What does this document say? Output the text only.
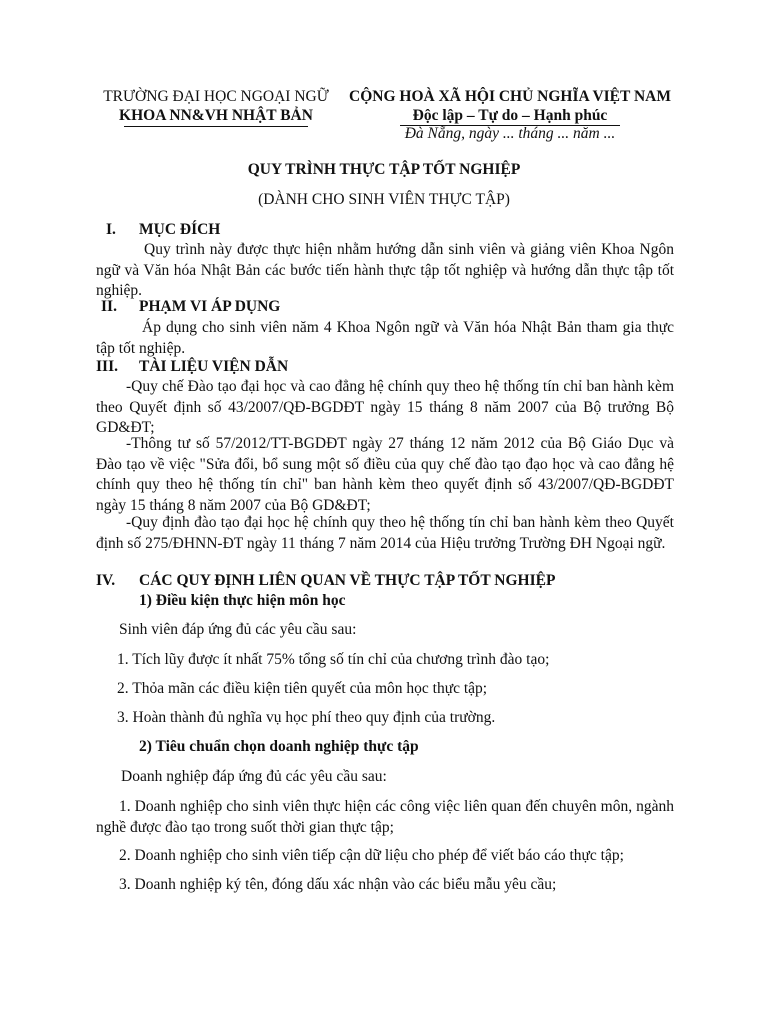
TRƯỜNG ĐẠI HỌC NGOẠI NGỮ
KHOA NN&VH NHẬT BẢN
CỘNG HOÀ XÃ HỘI CHỦ NGHĨA VIỆT NAM
Độc lập – Tự do – Hạnh phúc
Đà Nẵng, ngày ... tháng ... năm ...
QUY TRÌNH THỰC TẬP TỐT NGHIỆP
(DÀNH CHO SINH VIÊN THỰC TẬP)
I. MỤC ĐÍCH
Quy trình này được thực hiện nhằm hướng dẫn sinh viên và giảng viên Khoa Ngôn ngữ và Văn hóa Nhật Bản các bước tiến hành thực tập tốt nghiệp và hướng dẫn thực tập tốt nghiệp.
II. PHẠM VI ÁP DỤNG
Áp dụng cho sinh viên năm 4 Khoa Ngôn ngữ và Văn hóa Nhật Bản tham gia thực tập tốt nghiệp.
III. TÀI LIỆU VIỆN DẪN
-Quy chế Đào tạo đại học và cao đẳng hệ chính quy theo hệ thống tín chỉ ban hành kèm theo Quyết định số 43/2007/QĐ-BGDĐT ngày 15 tháng 8 năm 2007 của Bộ trưởng Bộ GD&ĐT;
-Thông tư số 57/2012/TT-BGDĐT ngày 27 tháng 12 năm 2012 của Bộ Giáo Dục và Đào tạo về việc "Sửa đổi, bổ sung một số điều của quy chế đào tạo đạo học và cao đẳng hệ chính quy theo hệ thống tín chỉ" ban hành kèm theo quyết định số 43/2007/QĐ-BGDĐT ngày 15 tháng 8 năm 2007 của Bộ GD&ĐT;
-Quy định đào tạo đại học hệ chính quy theo hệ thống tín chỉ ban hành kèm theo Quyết định số 275/ĐHNN-ĐT ngày 11 tháng 7 năm 2014 của Hiệu trưởng Trường ĐH Ngoại ngữ.
IV. CÁC QUY ĐỊNH LIÊN QUAN VỀ THỰC TẬP TỐT NGHIỆP
1) Điều kiện thực hiện môn học
Sinh viên đáp ứng đủ các yêu cầu sau:
1. Tích lũy được ít nhất 75% tổng số tín chỉ của chương trình đào tạo;
2. Thỏa mãn các điều kiện tiên quyết của môn học thực tập;
3. Hoàn thành đủ nghĩa vụ học phí theo quy định của trường.
2) Tiêu chuẩn chọn doanh nghiệp thực tập
Doanh nghiệp đáp ứng đủ các yêu cầu sau:
1. Doanh nghiệp cho sinh viên thực hiện các công việc liên quan đến chuyên môn, ngành nghề được đào tạo trong suốt thời gian thực tập;
2. Doanh nghiệp cho sinh viên tiếp cận dữ liệu cho phép để viết báo cáo thực tập;
3. Doanh nghiệp ký tên, đóng dấu xác nhận vào các biểu mẫu yêu cầu;
